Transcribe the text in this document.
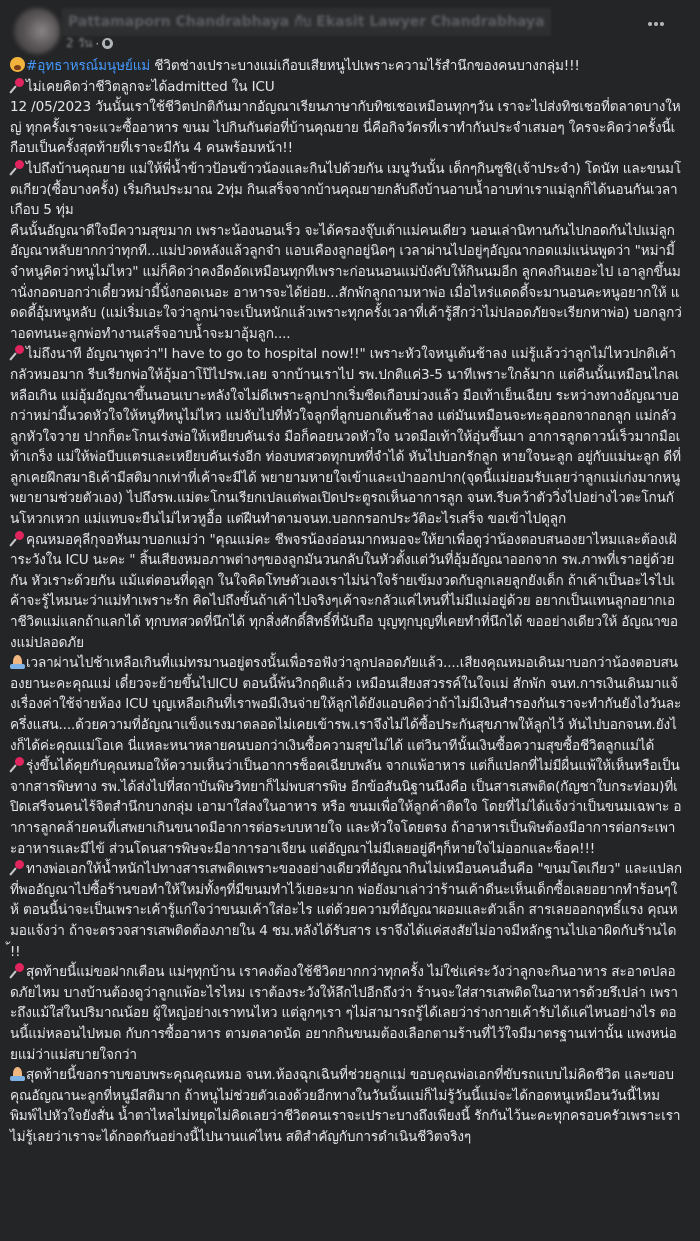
Pattamaporn Chandrabhaya กับ Ekasit Lawyer Chandrabhaya
2 วัน ·

#อุทธาหรณ์มนุษย์แม่ ชีวิตช่างเปราะบางแม่เกือบเสียหนูไปเพราะความไร้สำนึกของคนบางกลุ่ม!!!

ไม่เคยคิดว่าชีวิตลูกจะได้admitted ใน ICU

12 /05/2023 วันนั้นเราใช้ชีวิตปกติกันมากอัญณาเรียนภาษากับทิชเชอเหมือนทุกๆวัน เราจะไปส่งทิชเชอที่ตลาดบางใหญ่ ทุกครั้งเราจะแวะซื้ออาหาร ขนม ไปกินกันต่อที่บ้านคุณยาย นี่คือกิจวัตรที่เราทำกันประจำเสมอๆ ใครจะคิดว่าครั้งนี้เกือบเป็นครั้งสุดท้ายที่เราจะมีกัน 4 คนพร้อมหน้า!!

ไปถึงบ้านคุณยาย แม่ให้พี่น้ำข้าวป้อนข้าวน้องและกินไปด้วยกัน เมนูวันนั้น เด็กๆกินซูชิ(เจ้าประจำ) โดนัท และขนมโตเกียว(ซื้อบางครั้ง) เริ่มกินประมาณ 2ทุ่ม กินเสร็จจากบ้านคุณยายกลับถึงบ้านอาบน้ำอาบท่าเราแม่ลูกก็ได้นอนกันเวลาเกือบ 5 ทุ่ม

คืนนั้นอัญณาดีใจมีความสุขมาก เพราะน้องนอนเร็ว จะได้ครองจุ๊บเต้าแม่คนเดียว นอนเล่านิทานกันไปกอดกันไปแม่ลูก อัญณาหลับยากกว่าทุกที...แม่ปวดหลังแล้วลูกจ๋า แอบเคืองลูกอยู่นิดๆ เวลาผ่านไปอยู่ๆอัญณากอดแม่แน่นพูดว่า "หม่ามี้จ๋าหนูคิดว่าหนูไม่ไหว" แม่ก็คิดว่าคงอืดอัดเหมือนทุกทีเพราะก่อนนอนแม่บังคับให้กินนมอีก ลูกคงกินเยอะไป เอาลูกขึ้นมานั่งกอดบอกว่าเดี๋ยวหม่ามี้นั่งกอดเนอะ อาหารจะได้ย่อย...สักพักลูกถามหาพ่อ เมื่อไหร่แดดดี้จะมานอนคะหนูอยากให้ แดดดี้อุ้มหนูหลับ (แม่เริ่มเอะใจว่าลูกน่าจะเป็นหนักแล้วเพราะทุกครั้งเวลาที่เค้ารู้สึกว่าไม่ปลอดภัยจะเรียกหาพ่อ) บอกลูกว่าอดทนนะลูกพ่อทำงานเสร็จอาบน้ำจะมาอุ้มลูก....

ไม่ถึงนาที อัญณาพูดว่า"I have to go to hospital now!!" เพราะหัวใจหนูเต้นช้าลง แม่รู้แล้วว่าลูกไม่ไหวปกติเค้ากลัวหมอมาก รีบเรียกพ่อให้อุ้มอาโป๊ไปรพ.เลย จากบ้านเราไป รพ.ปกติแค่3-5 นาทีเพราะใกล้มาก แต่คืนนั้นเหมือนไกลเหลือเกิน แม่อุ้มอัญณาขึ้นนอนเบาะหลังใจไม่ดีเพราะลูกปากเริ่มซีดเกือบม่วงแล้ว มือเท้าเย็นเฉียบ ระหว่างทางอัญณาบอกว่าหม่ามี้นวดหัวใจให้หนูทีหนูไม่ไหว แม่จับไปที่หัวใจลูกที่ลูกบอกเต้นช้าลง แต่มันเหมือนจะทะลุออกจากอกลูก แม่กลัวลูกหัวใจวาย ปากก็ตะโกนเร่งพ่อให้เหยียบคันเร่ง มือก็คอยนวดหัวใจ นวดมือเท้าให้อุ่นขึ้นมา อาการลูกดาวน์เร็วมากมือเท้าเกร็ง แม่ให้พ่อบีบแตรและเหยียบคันเร่งอีก ท่องบทสวดทุกบทที่จำได้ หันไปบอกรักลูก หายใจนะลูก อยู่กับแม่นะลูก ดีที่ลูกเคยฝึกสมาธิเค้ามีสติมากเท่าที่เค้าจะมีได้ พยายามหายใจเข้าและเป่าออกปาก(จุดนี้แม่ยอมรับเลยว่าลูกแม่เก่งมากหนูพยายามช่วยตัวเอง) ไปถึงรพ.แม่ตะโกนเรียกเปลแต่พอเปิดประตูรถเห็นอาการลูก จนท.รีบคว้าตัววิ่งไปอย่างไวตะโกนกันโหวกเหวก แม่แทบจะยืนไม่ไหวหูอื้อ แต่ฝืนทำตามจนท.บอกกรอกประวัติอะไรเสร็จ ขอเข้าไปดูลูก

คุณหมอคุลีกุจอหันมาบอกแม่ว่า "คุณแม่คะ ชีพจรน้องอ่อนมากหมอจะให้ยาเพื่อดูว่าน้องตอบสนองยาไหมและต้องเฝ้าระวังใน ICU นะคะ " สิ้นเสียงหมอภาพต่างๆของลูกมันวนกลับในหัวตั้งแต่วันที่อุ้มอัญณาออกจาก รพ.ภาพที่เราอยู่ด้วยกัน หัวเราะด้วยกัน แม้แต่ตอนที่ดุลูก ในใจคิดโทษตัวเองเราไม่น่าใจร้ายเข้มงวดกับลูกเลยลูกยังเด็ก ถ้าเค้าเป็นอะไรไปเค้าจะรู้ไหมนะว่าแม่ทำเพราะรัก คิดไปถึงขั้นถ้าเค้าไปจริงๆเค้าจะกลัวแค่ไหนที่ไม่มีแม่อยู่ด้วย อยากเป็นแทนลูกอยากเอาชีวิตแม่แลกถ้าแลกได้ ทุกบทสวดที่นึกได้ ทุกสิ่งศักดิ์สิทธิ์ที่นับถือ บุญทุกบุญที่เคยทำที่นึกได้ ขออย่างเดียวให้ อัญณาของแม่ปลอดภัย

เวลาผ่านไปช้าเหลือเกินที่แม่ทรมานอยู่ตรงนั้นเพื่อรอฟังว่าลูกปลอดภัยแล้ว....เสียงคุณหมอเดินมาบอกว่าน้องตอบสนองยานะคะคุณแม่ เดี๋ยวจะย้ายขึ้นไปICU ตอนนี้พ้นวิกฤติแล้ว เหมือนเสียงสวรรค์ในใจแม่ สักพัก จนท.การเงินเดินมาแจ้งเรื่องค่าใช้จ่ายห้อง ICU บุญเหลือเกินที่เราพอมีเงินจ่ายให้ลูกได้ยังแอบคิดว่าถ้าไม่มีเงินสำรองกันเราจะทำกันยังไงวันละครึ่งแสน....ด้วยความที่อัญณาแข็งแรงมาตลอดไม่เคยเข้ารพ.เราจึงไม่ได้ซื้อประกันสุขภาพให้ลูกไว้ หันไปบอกจนท.ยังไงก็ได้ค่ะคุณแม่โอเค นี่แหละหนาหลายคนบอกว่าเงินซื้อความสุขไม่ได้ แต่วินาทีนั้นเงินซื้อความสุขซื้อชีวิตลูกแม่ได้

รุ่งขึ้นได้คุยกับคุณหมอให้ความเห็นว่าเป็นอาการช็อคเฉียบพลัน จากแพ้อาหาร แต่ก็แปลกที่ไม่มีผื่นแพ้ให้เห็นหรือเป็นจากสารพิษทาง รพ.ได้ส่งไปที่สถาบันพิษวิทยาก็ไม่พบสารพิษ อีกข้อสันนิฐานนึงคือ เป็นสารเสพติด(กัญชาใบกระท่อม)ที่เปิดเสรีจนคนไร้จิตสำนึกบางกลุ่ม เอามาใส่ลงในอาหาร หรือ ขนมเพื่อให้ลูกค้าติดใจ โดยที่ไม่ได้แจ้งว่าเป็นขนมเฉพาะ อาการลูกคล้ายคนที่เสพยาเกินขนาดมีอาการต่อระบบหายใจ และหัวใจโดยตรง ถ้าอาหารเป็นพิษต้องมีอาการต่อกระเพาะอาหารและมีไข้ ส่วนโดนสารพิษจะมีอาการอาเจียน แต่อัญณาไม่มีเลยอยู่ดีๆก็หายใจไม่ออกและช็อค!!!

ทางพ่อเอกให้น้ำหนักไปทางสารเสพติดเพราะของอย่างเดียวที่อัญณากินไม่เหมือนคนอื่นคือ "ขนมโตเกียว" และแปลกที่พออัญณาไปซื้อร้านขอทำให้ใหม่ทั้งๆที่มีขนมทำไว้เยอะมาก พ่อยังมาเล่าว่าร้านเค้าดีนะเห็นเด็กซื้อเลยอยากทำร้อนๆให้ ตอนนี้น่าจะเป็นเพราะเค้ารู้แก่ใจว่าขนมเค้าใส่อะไร แต่ด้วยความที่อัญณาผอมและตัวเล็ก สารเลยออกฤทธิ์แรง คุณหมอแจ้งว่า ถ้าจะตรวจสารเสพติดต้องภายใน 4 ชม.หลังได้รับสาร เราจึงได้แค่สงสัยไม่อาจมีหลักฐานไปเอาผิดกับร้านได้!!

สุดท้ายนี้แม่ขอฝากเตือน แม่ๆทุกบ้าน เราคงต้องใช้ชีวิตยากกว่าทุกครั้ง ไม่ใช่แค่ระวังว่าลูกจะกินอาหาร สะอาดปลอดภัยไหม บางบ้านต้องดูว่าลูกแพ้อะไรไหม เราต้องระวังให้ลึกไปอีกถึงว่า ร้านจะใส่สารเสพติดในอาหารด้วยรึเปล่า เพราะถึงแม้ใส่ในปริมาณน้อย ผู้ใหญ่อย่างเราทนไหว แต่ลูกๆเรา ๆไม่สามารถรู้ได้เลยว่าร่างกายเค้ารับได้แค่ไหนอย่างไร ตอนนี้แม่หลอนไปหมด กับการซื้ออาหาร ตามตลาดนัด อยากกินขนมต้องเลือกตามร้านที่ไว้ใจมีมาตรฐานเท่านั้น แพงหน่อยแม่ว่าแม่สบายใจกว่า

สุดท้ายนี้ขอกราบขอบพระคุณคุณหมอ จนท.ห้องฉุกเฉินที่ช่วยลูกแม่ ขอบคุณพ่อเอกที่ขับรถแบบไม่คิดชีวิต และขอบคุณอัญณานะลูกที่หนูมีสติมาก ถ้าหนูไม่ช่วยตัวเองด้วยอีกทางในวันนั้นแม่ก็ไม่รู้วันนี้แม่จะได้กอดหนูเหมือนวันนี้ไหม

พิมพ์ไปหัวใจยังสั่น น้ำตาไหลไม่หยุดไม่คิดเลยว่าชีวิตคนเราจะเปราะบางถึงเพียงนี้ รักกันไว้นะคะทุกครอบครัวเพราะเราไม่รู้เลยว่าเราจะได้กอดกันอย่างนี้ไปนานแค่ไหน สติสำคัญกับการดำเนินชีวิตจริงๆ
